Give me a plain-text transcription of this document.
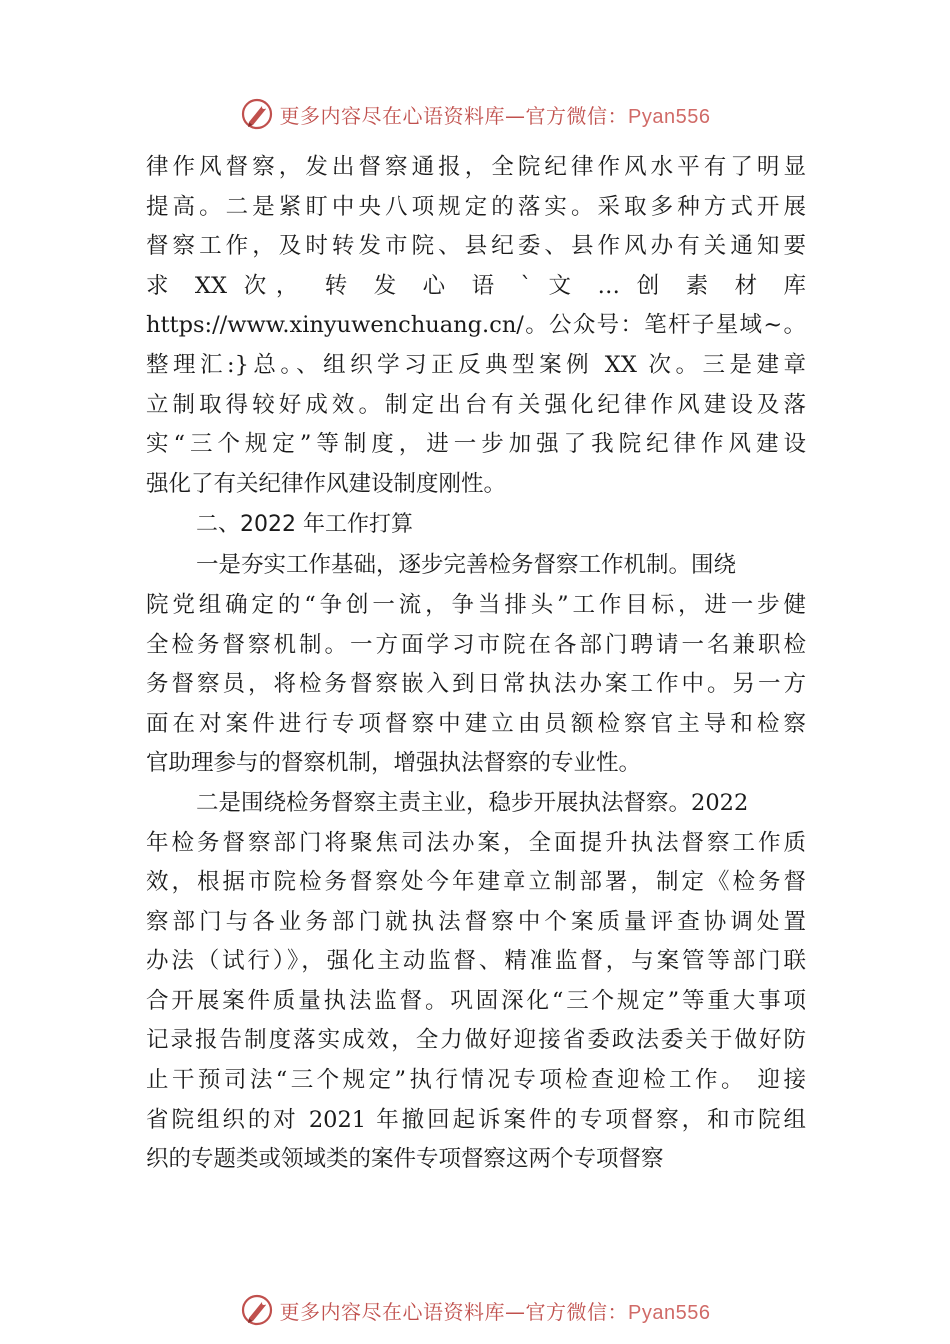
更多内容尽在心语资料库—官方微信：Pyan556
律作风督察，发出督察通报，全院纪律作风水平有了明显
提高。二是紧盯中央八项规定的落实。采取多种方式开展
督察工作，及时转发市院、县纪委、县作风办有关通知要
求 XX 次， 转 发 心 语 ` 文 … 创 素 材 库
https://www.xinyuwenchuang.cn/。公众号：笔杆子星域~。
整理汇:}总。、组织学习正反典型案例 XX 次。三是建章
立制取得较好成效。制定出台有关强化纪律作风建设及落
实“三个规定”等制度，进一步加强了我院纪律作风建设
强化了有关纪律作风建设制度刚性。
二、2022 年工作打算
一是夯实工作基础，逐步完善检务督察工作机制。围绕
院党组确定的“争创一流，争当排头”工作目标，进一步健
全检务督察机制。一方面学习市院在各部门聘请一名兼职检
务督察员，将检务督察嵌入到日常执法办案工作中。另一方
面在对案件进行专项督察中建立由员额检察官主导和检察
官助理参与的督察机制，增强执法督察的专业性。
二是围绕检务督察主责主业，稳步开展执法督察。2022
年检务督察部门将聚焦司法办案，全面提升执法督察工作质
效，根据市院检务督察处今年建章立制部署，制定《检务督
察部门与各业务部门就执法督察中个案质量评查协调处置
办法（试行）》，强化主动监督、精准监督，与案管等部门联
合开展案件质量执法监督。巩固深化“三个规定”等重大事项
记录报告制度落实成效，全力做好迎接省委政法委关于做好防
止干预司法“三个规定”执行情况专项检查迎检工作。 迎接
省院组织的对 2021 年撤回起诉案件的专项督察，和市院组
织的专题类或领域类的案件专项督察这两个专项督察
更多内容尽在心语资料库—官方微信：Pyan556
